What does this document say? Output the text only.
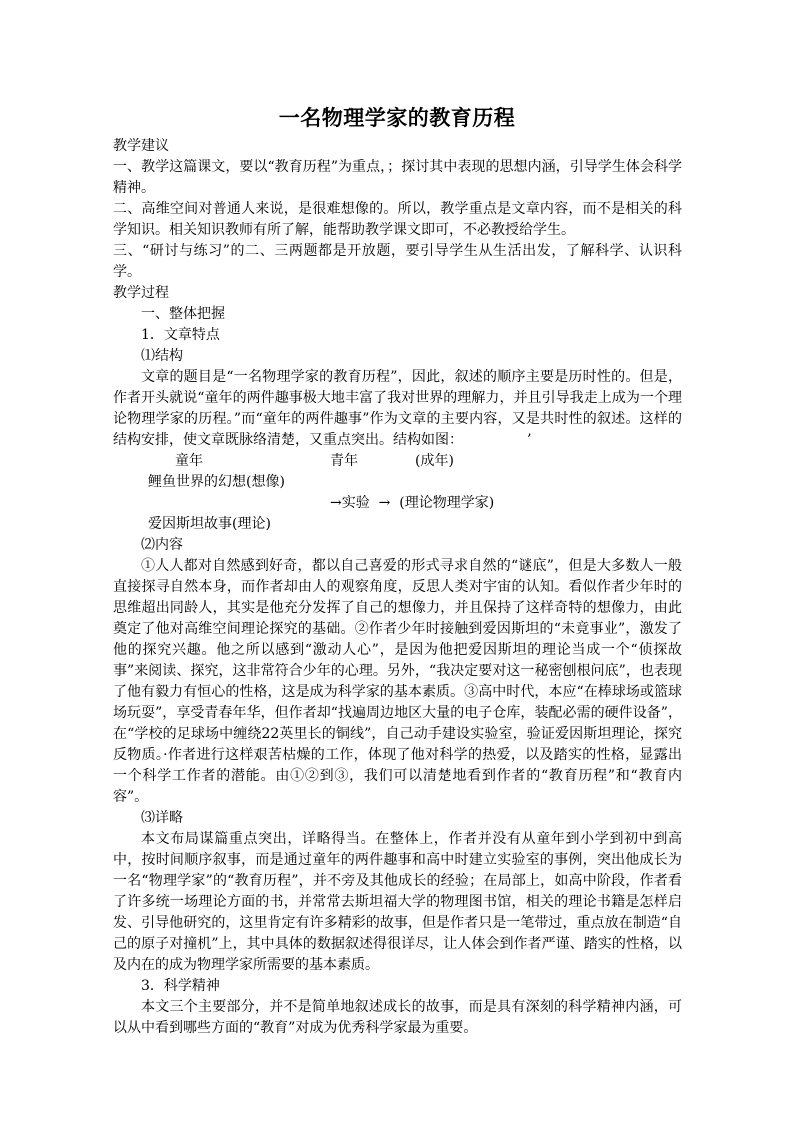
一名物理学家的教育历程

教学建议

一、教学这篇课文，要以“教育历程”为重点，；探讨其中表现的思想内涵，引导学生体会科学精神。

二、高维空间对普通人来说，是很难想像的。所以，教学重点是文章内容，而不是相关的科学知识。相关知识教师有所了解，能帮助教学课文即可，不必教授给学生。

三、“研讨与练习”的二、三两题都是开放题，要引导学生从生活出发，了解科学、认识科学。

教学过程

一、整体把握

1．文章特点

⑴结构

文章的题目是“一名物理学家的教育历程”，因此，叙述的顺序主要是历时性的。但是，作者开头就说“童年的两件趣事极大地丰富了我对世界的理解力，并且引导我走上成为一个理论物理学家的历程。”而“童年的两件趣事”作为文章的主要内容，又是共时性的叙述。这样的结构安排，使文章既脉络清楚，又重点突出。结构如图：	’

童年	青年	(成年)
鲤鱼世界的幻想(想像)
→实验  →  (理论物理学家)
爱因斯坦故事(理论)

⑵内容

①人人都对自然感到好奇，都以自己喜爱的形式寻求自然的“谜底”，但是大多数人一般直接探寻自然本身，而作者却由人的观察角度，反思人类对宇宙的认知。看似作者少年时的思维超出同龄人，其实是他充分发挥了自己的想像力，并且保持了这样奇特的想像力，由此奠定了他对高维空间理论探究的基础。②作者少年时接触到爱因斯坦的“未竟事业”，激发了他的探究兴趣。他之所以感到“激动人心”，是因为他把爱因斯坦的理论当成一个“侦探故事”来阅读、探究，这非常符合少年的心理。另外，“我决定要对这一秘密刨根问底”，也表现了他有毅力有恒心的性格，这是成为科学家的基本素质。③高中时代，本应“在棒球场或篮球场玩耍”，享受青春年华，但作者却“找遍周边地区大量的电子仓库，装配必需的硬件设备”，在“学校的足球场中缠绕22英里长的铜线”，自己动手建设实验室，验证爱因斯坦理论，探究反物质。·作者进行这样艰苦枯燥的工作，体现了他对科学的热爱，以及踏实的性格，显露出一个科学工作者的潜能。由①②到③，我们可以清楚地看到作者的“教育历程”和“教育内容”。

⑶详略

本文布局谋篇重点突出，详略得当。在整体上，作者并没有从童年到小学到初中到高中，按时间顺序叙事，而是通过童年的两件趣事和高中时建立实验室的事例，突出他成长为一名“物理学家”的“教育历程”，并不旁及其他成长的经验；在局部上，如高中阶段，作者看了许多统一场理论方面的书，并常常去斯坦福大学的物理图书馆，相关的理论书籍是怎样启发、引导他研究的，这里肯定有许多精彩的故事，但是作者只是一笔带过，重点放在制造“自己的原子对撞机”上，其中具体的数据叙述得很详尽，让人体会到作者严谨、踏实的性格，以及内在的成为物理学家所需要的基本素质。

3．科学精神

本文三个主要部分，并不是简单地叙述成长的故事，而是具有深刻的科学精神内涵，可以从中看到哪些方面的“教育”对成为优秀科学家最为重要。
